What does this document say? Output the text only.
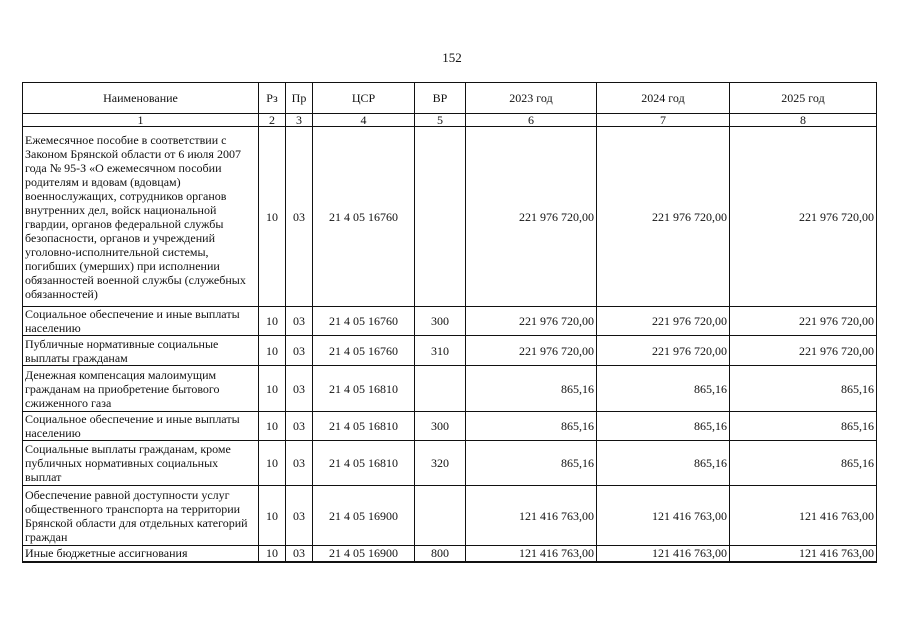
152
Наименование	Рз	Пр	ЦСР	ВР	2023 год	2024 год	2025 год
1	2	3	4	5	6	7	8
Ежемесячное пособие в соответствии с Законом Брянской области от 6 июля 2007 года № 95-З «О ежемесячном пособии родителям и вдовам (вдовцам) военнослужащих, сотрудников органов внутренних дел, войск национальной гвардии, органов федеральной службы безопасности, органов и учреждений уголовно-исполнительной системы, погибших (умерших) при исполнении обязанностей военной службы (служебных обязанностей)	10	03	21 4 05 16760		221 976 720,00	221 976 720,00	221 976 720,00
Социальное обеспечение и иные выплаты населению	10	03	21 4 05 16760	300	221 976 720,00	221 976 720,00	221 976 720,00
Публичные нормативные социальные выплаты гражданам	10	03	21 4 05 16760	310	221 976 720,00	221 976 720,00	221 976 720,00
Денежная компенсация малоимущим гражданам на приобретение бытового сжиженного газа	10	03	21 4 05 16810		865,16	865,16	865,16
Социальное обеспечение и иные выплаты населению	10	03	21 4 05 16810	300	865,16	865,16	865,16
Социальные выплаты гражданам, кроме публичных нормативных социальных выплат	10	03	21 4 05 16810	320	865,16	865,16	865,16
Обеспечение равной доступности услуг общественного транспорта на территории Брянской области для отдельных категорий граждан	10	03	21 4 05 16900		121 416 763,00	121 416 763,00	121 416 763,00
Иные бюджетные ассигнования	10	03	21 4 05 16900	800	121 416 763,00	121 416 763,00	121 416 763,00
